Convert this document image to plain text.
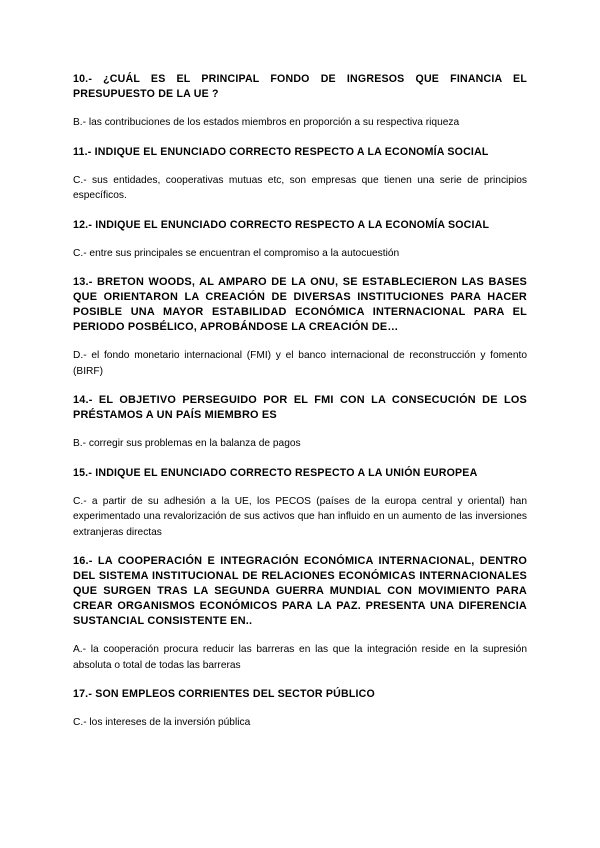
10.- ¿CUÁL ES EL PRINCIPAL FONDO DE INGRESOS QUE FINANCIA EL PRESUPUESTO DE LA UE ?

B.- las contribuciones de los estados miembros en proporción a su respectiva riqueza

11.- INDIQUE EL ENUNCIADO CORRECTO RESPECTO A LA ECONOMÍA SOCIAL

C.- sus entidades, cooperativas mutuas etc, son empresas que tienen una serie de principios específicos.

12.- INDIQUE EL ENUNCIADO CORRECTO RESPECTO A LA ECONOMÍA SOCIAL

C.- entre sus principales se encuentran el compromiso a la autocuestión

13.- BRETON WOODS, AL AMPARO DE LA ONU, SE ESTABLECIERON LAS BASES QUE ORIENTARON LA CREACIÓN DE DIVERSAS INSTITUCIONES PARA HACER POSIBLE UNA MAYOR ESTABILIDAD ECONÓMICA INTERNACIONAL PARA EL PERIODO POSBÉLICO, APROBÁNDOSE LA CREACIÓN DE…

D.- el fondo monetario internacional (FMI) y el banco internacional de reconstrucción y fomento (BIRF)

14.- EL OBJETIVO PERSEGUIDO POR EL FMI CON LA CONSECUCIÓN DE LOS PRÉSTAMOS A UN PAÍS MIEMBRO ES

B.- corregir sus problemas en la balanza de pagos

15.- INDIQUE EL ENUNCIADO CORRECTO RESPECTO A LA UNIÓN EUROPEA

C.- a partir de su adhesión a la UE, los PECOS (países de la europa central y oriental) han experimentado una revalorización de sus activos que han influido en un aumento de las inversiones extranjeras directas

16.- LA COOPERACIÓN E INTEGRACIÓN ECONÓMICA INTERNACIONAL, DENTRO DEL SISTEMA INSTITUCIONAL DE RELACIONES ECONÓMICAS INTERNACIONALES QUE SURGEN TRAS LA SEGUNDA GUERRA MUNDIAL CON MOVIMIENTO PARA CREAR ORGANISMOS ECONÓMICOS PARA LA PAZ. PRESENTA UNA DIFERENCIA SUSTANCIAL CONSISTENTE EN..

A.- la cooperación procura reducir las barreras en las que la integración reside en la supresión absoluta o total de todas las barreras

17.- SON EMPLEOS CORRIENTES DEL SECTOR PÚBLICO

C.- los intereses de la inversión pública
